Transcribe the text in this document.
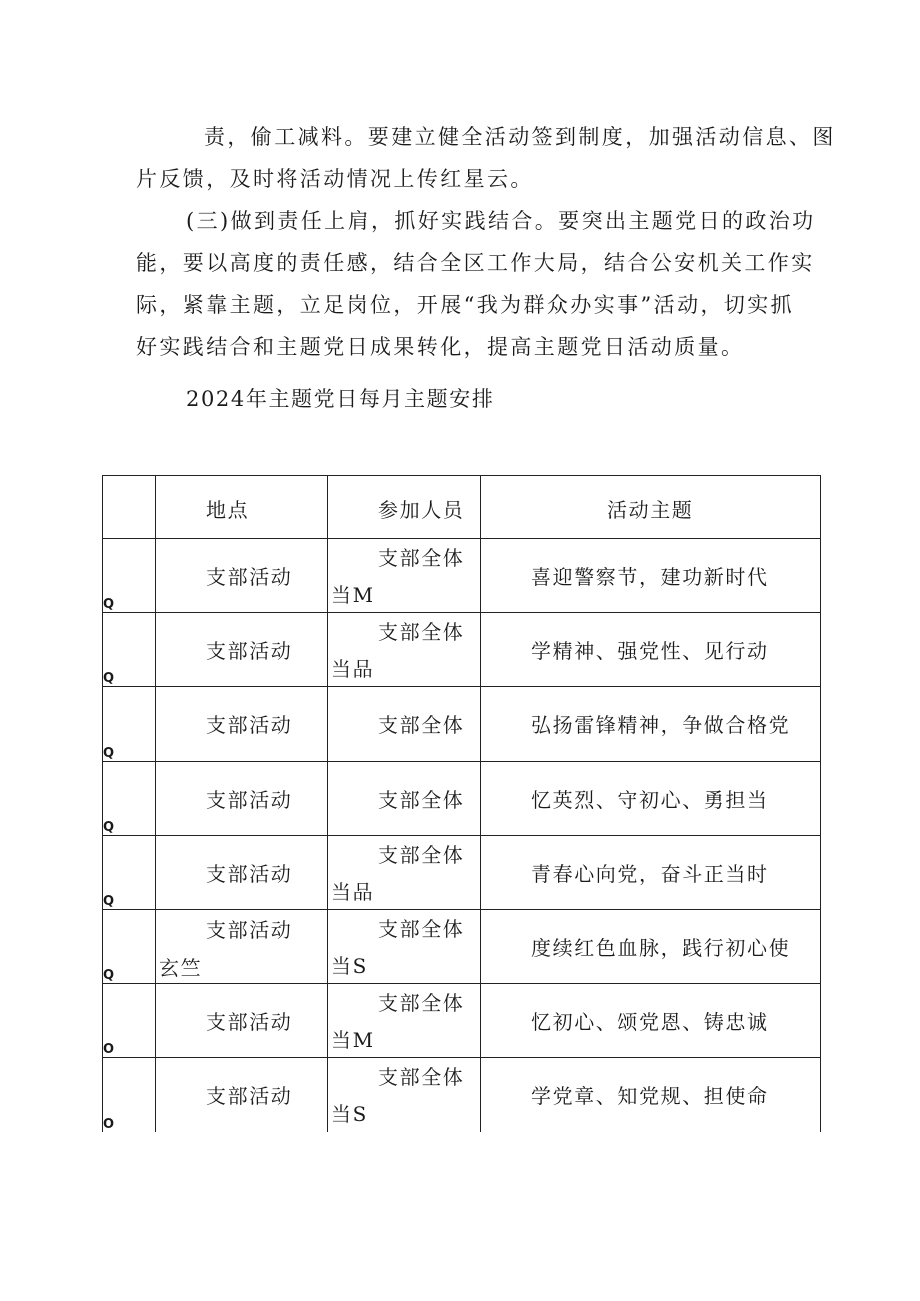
责，偷工减料。要建立健全活动签到制度，加强活动信息、图
片反馈，及时将活动情况上传红星云。
(三)做到责任上肩，抓好实践结合。要突出主题党日的政治功
能，要以高度的责任感，结合全区工作大局，结合公安机关工作实
际，紧靠主题，立足岗位，开展“我为群众办实事”活动，切实抓
好实践结合和主题党日成果转化，提高主题党日活动质量。
2024年主题党日每月主题安排

	地点	参加人员	活动主题

Q	支部活动	支部全体
当M	喜迎警察节，建功新时代

Q	支部活动	支部全体
当品	学精神、强党性、见行动

Q	支部活动	支部全体	弘扬雷锋精神，争做合格党

Q	支部活动	支部全体	忆英烈、守初心、勇担当

Q	支部活动	支部全体
当品	青春心向党，奋斗正当时

Q	支部活动
玄竺	支部全体
当S	度续红色血脉，践行初心使

O	支部活动	支部全体
当M	忆初心、颂党恩、铸忠诚

O	支部活动	支部全体
当S	学党章、知党规、担使命
